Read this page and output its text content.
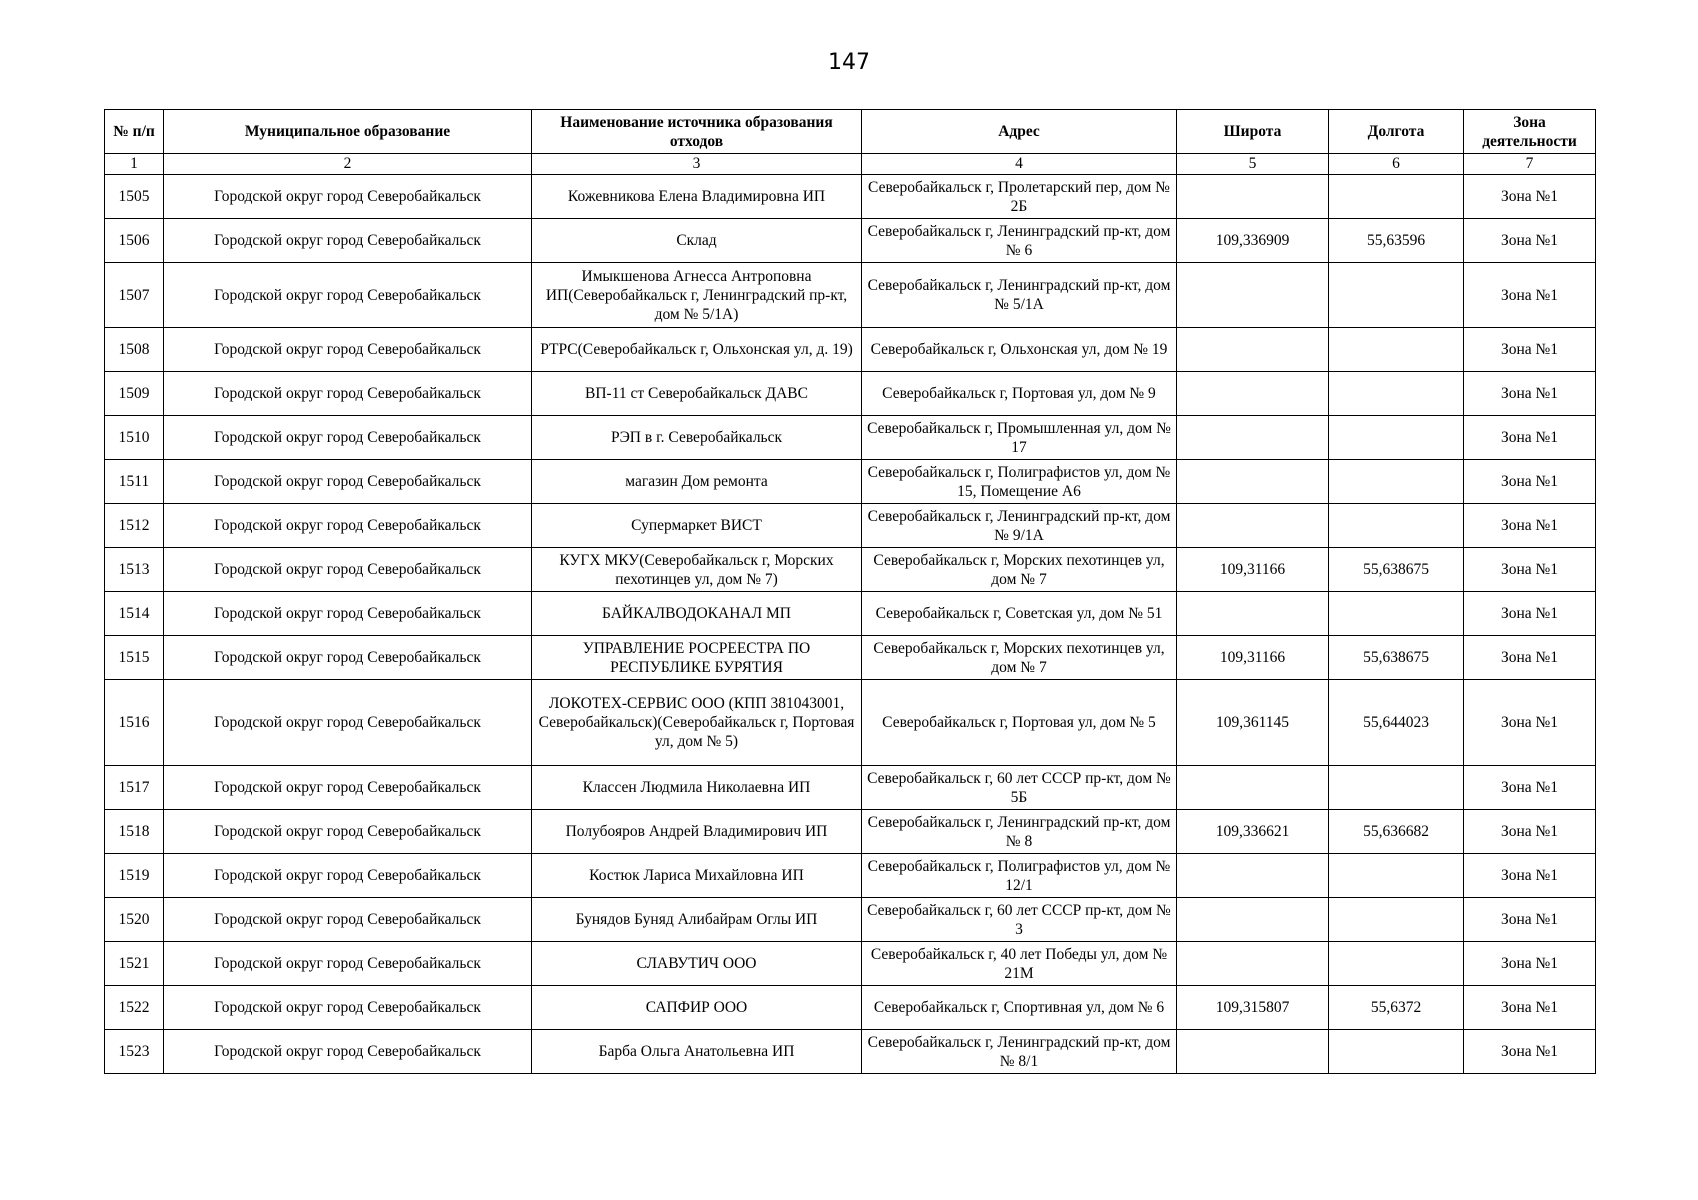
147
№ п/п	Муниципальное образование	Наименование источника образования отходов	Адрес	Широта	Долгота	Зона деятельности
1	2	3	4	5	6	7
1505	Городской округ город Северобайкальск	Кожевникова Елена Владимировна ИП	Северобайкальск г, Пролетарский пер, дом № 2Б			Зона №1
1506	Городской округ город Северобайкальск	Склад	Северобайкальск г, Ленинградский пр-кт, дом № 6	109,336909	55,63596	Зона №1
1507	Городской округ город Северобайкальск	Имыкшенова Агнесса Антроповна ИП(Северобайкальск г, Ленинградский пр-кт, дом № 5/1А)	Северобайкальск г, Ленинградский пр-кт, дом № 5/1А			Зона №1
1508	Городской округ город Северобайкальск	РТРС(Северобайкальск г, Ольхонская ул, д. 19)	Северобайкальск г, Ольхонская ул, дом № 19			Зона №1
1509	Городской округ город Северобайкальск	ВП-11 ст Северобайкальск ДАВС	Северобайкальск г, Портовая ул, дом № 9			Зона №1
1510	Городской округ город Северобайкальск	РЭП в г. Северобайкальск	Северобайкальск г, Промышленная ул, дом № 17			Зона №1
1511	Городской округ город Северобайкальск	магазин Дом ремонта	Северобайкальск г, Полиграфистов ул, дом № 15, Помещение А6			Зона №1
1512	Городской округ город Северобайкальск	Супермаркет ВИСТ	Северобайкальск г, Ленинградский пр-кт, дом № 9/1А			Зона №1
1513	Городской округ город Северобайкальск	КУГХ МКУ(Северобайкальск г, Морских пехотинцев ул, дом № 7)	Северобайкальск г, Морских пехотинцев ул, дом № 7	109,31166	55,638675	Зона №1
1514	Городской округ город Северобайкальск	БАЙКАЛВОДОКАНАЛ МП	Северобайкальск г, Советская ул, дом № 51			Зона №1
1515	Городской округ город Северобайкальск	УПРАВЛЕНИЕ РОСРЕЕСТРА ПО РЕСПУБЛИКЕ БУРЯТИЯ	Северобайкальск г, Морских пехотинцев ул, дом № 7	109,31166	55,638675	Зона №1
1516	Городской округ город Северобайкальск	ЛОКОТЕХ-СЕРВИС ООО (КПП 381043001, Северобайкальск)(Северобайкальск г, Портовая ул, дом № 5)	Северобайкальск г, Портовая ул, дом № 5	109,361145	55,644023	Зона №1
1517	Городской округ город Северобайкальск	Классен Людмила Николаевна ИП	Северобайкальск г, 60 лет СССР пр-кт, дом № 5Б			Зона №1
1518	Городской округ город Северобайкальск	Полубояров Андрей Владимирович ИП	Северобайкальск г, Ленинградский пр-кт, дом № 8	109,336621	55,636682	Зона №1
1519	Городской округ город Северобайкальск	Костюк Лариса Михайловна ИП	Северобайкальск г, Полиграфистов ул, дом № 12/1			Зона №1
1520	Городской округ город Северобайкальск	Бунядов Буняд Алибайрам Оглы ИП	Северобайкальск г, 60 лет СССР пр-кт, дом № 3			Зона №1
1521	Городской округ город Северобайкальск	СЛАВУТИЧ ООО	Северобайкальск г, 40 лет Победы ул, дом № 21М			Зона №1
1522	Городской округ город Северобайкальск	САПФИР ООО	Северобайкальск г, Спортивная ул, дом № 6	109,315807	55,6372	Зона №1
1523	Городской округ город Северобайкальск	Барба Ольга Анатольевна ИП	Северобайкальск г, Ленинградский пр-кт, дом № 8/1			Зона №1
